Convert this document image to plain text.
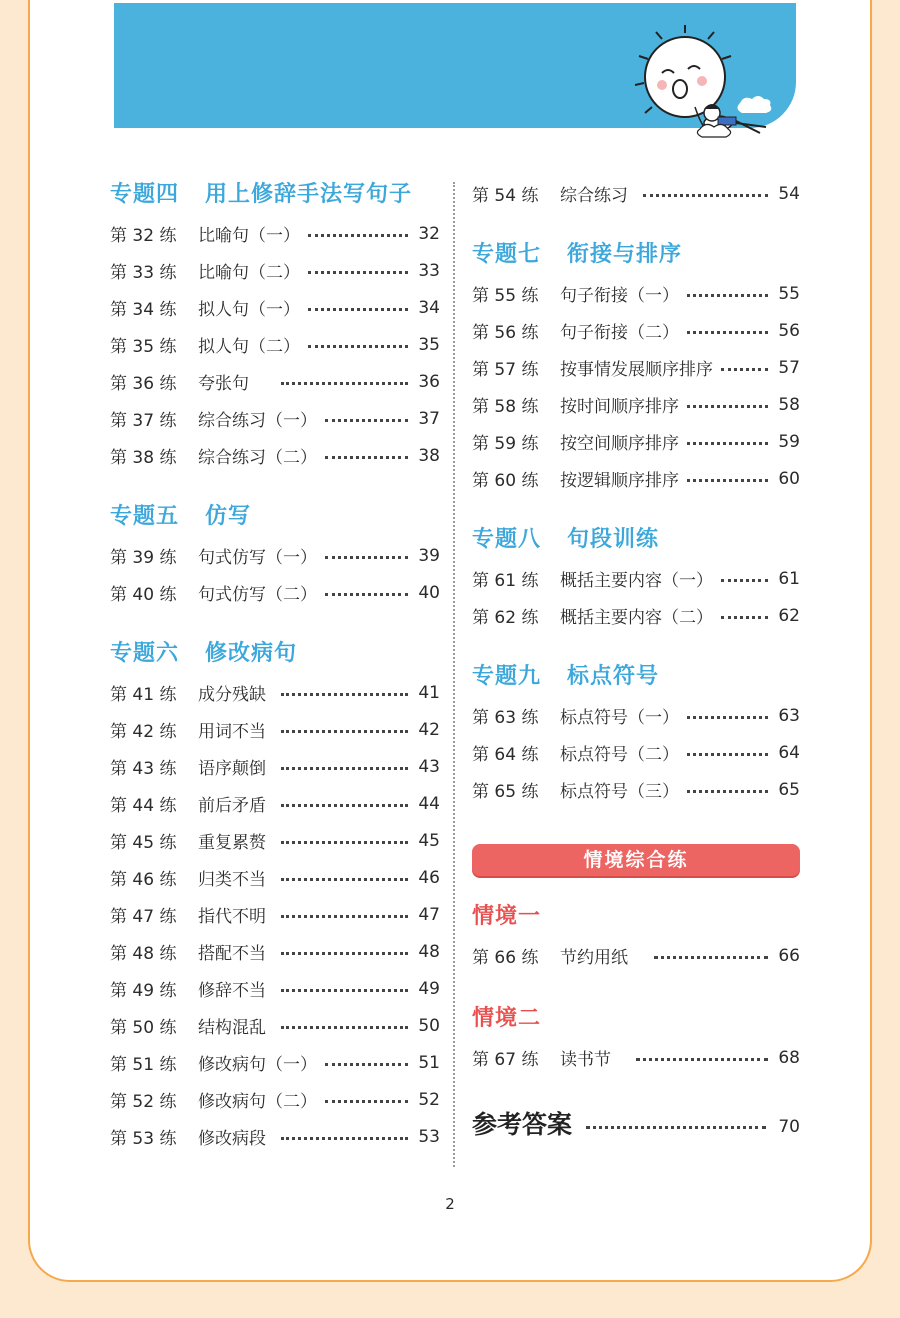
专题四 用上修辞手法写句子
第 32 练	比喻句（一）	32
第 33 练	比喻句（二）	33
第 34 练	拟人句（一）	34
第 35 练	拟人句（二）	35
第 36 练	夸张句	36
第 37 练	综合练习（一）	37
第 38 练	综合练习（二）	38
专题五 仿写
第 39 练	句式仿写（一）	39
第 40 练	句式仿写（二）	40
专题六 修改病句
第 41 练	成分残缺	41
第 42 练	用词不当	42
第 43 练	语序颠倒	43
第 44 练	前后矛盾	44
第 45 练	重复累赘	45
第 46 练	归类不当	46
第 47 练	指代不明	47
第 48 练	搭配不当	48
第 49 练	修辞不当	49
第 50 练	结构混乱	50
第 51 练	修改病句（一）	51
第 52 练	修改病句（二）	52
第 53 练	修改病段	53
第 54 练	综合练习	54
专题七 衔接与排序
第 55 练	句子衔接（一）	55
第 56 练	句子衔接（二）	56
第 57 练	按事情发展顺序排序	57
第 58 练	按时间顺序排序	58
第 59 练	按空间顺序排序	59
第 60 练	按逻辑顺序排序	60
专题八 句段训练
第 61 练	概括主要内容（一）	61
第 62 练	概括主要内容（二）	62
专题九 标点符号
第 63 练	标点符号（一）	63
第 64 练	标点符号（二）	64
第 65 练	标点符号（三）	65
情境综合练
情境一
第 66 练	节约用纸	66
情境二
第 67 练	读书节	68
参考答案	70
2
